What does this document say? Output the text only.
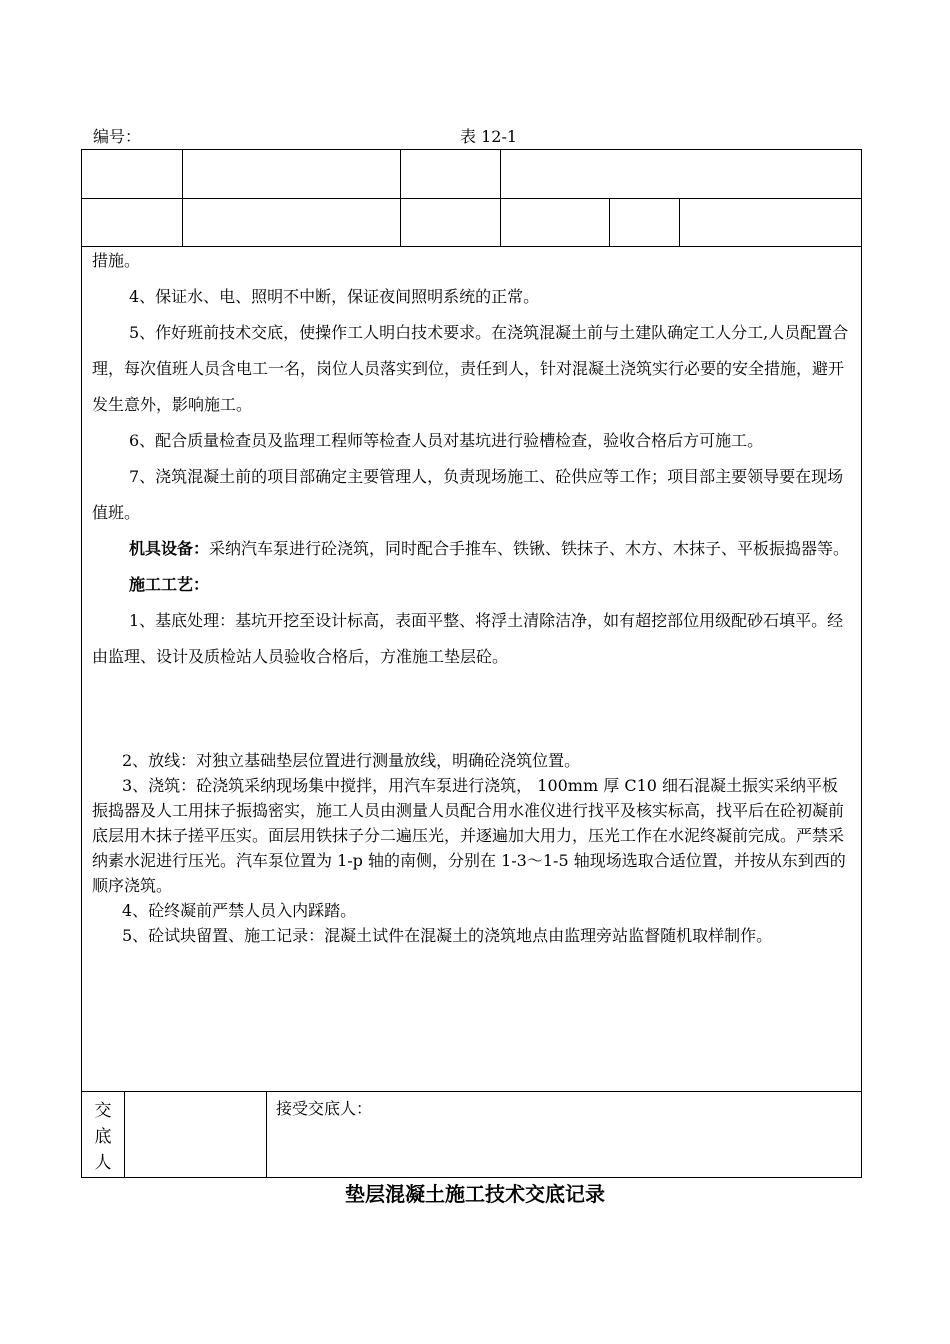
编号：	表 12-1

措施。

4、保证水、电、照明不中断，保证夜间照明系统的正常。

5、作好班前技术交底，使操作工人明白技术要求。在浇筑混凝土前与土建队确定工人分工,人员配置合理，每次值班人员含电工一名，岗位人员落实到位，责任到人，针对混凝土浇筑实行必要的安全措施，避开发生意外，影响施工。

6、配合质量检查员及监理工程师等检查人员对基坑进行验槽检查，验收合格后方可施工。

7、浇筑混凝土前的项目部确定主要管理人，负责现场施工、砼供应等工作；项目部主要领导要在现场值班。

机具设备：采纳汽车泵进行砼浇筑，同时配合手推车、铁锹、铁抹子、木方、木抹子、平板振捣器等。

施工工艺：

1、基底处理：基坑开挖至设计标高，表面平整、将浮土清除洁净，如有超挖部位用级配砂石填平。经由监理、设计及质检站人员验收合格后，方准施工垫层砼。

2、放线：对独立基础垫层位置进行测量放线，明确砼浇筑位置。

3、浇筑：砼浇筑采纳现场集中搅拌，用汽车泵进行浇筑， 100mm 厚 C10 细石混凝土振实采纳平板振捣器及人工用抹子振捣密实，施工人员由测量人员配合用水准仪进行找平及核实标高，找平后在砼初凝前底层用木抹子搓平压实。面层用铁抹子分二遍压光，并逐遍加大用力，压光工作在水泥终凝前完成。严禁采纳素水泥进行压光。汽车泵位置为 1-p 轴的南侧，分别在 1-3～1-5 轴现场选取合适位置，并按从东到西的顺序浇筑。

4、砼终凝前严禁人员入内踩踏。

5、砼试块留置、施工记录：混凝土试件在混凝土的浇筑地点由监理旁站监督随机取样制作。

交
底
人
接受交底人：
垫层混凝土施工技术交底记录
